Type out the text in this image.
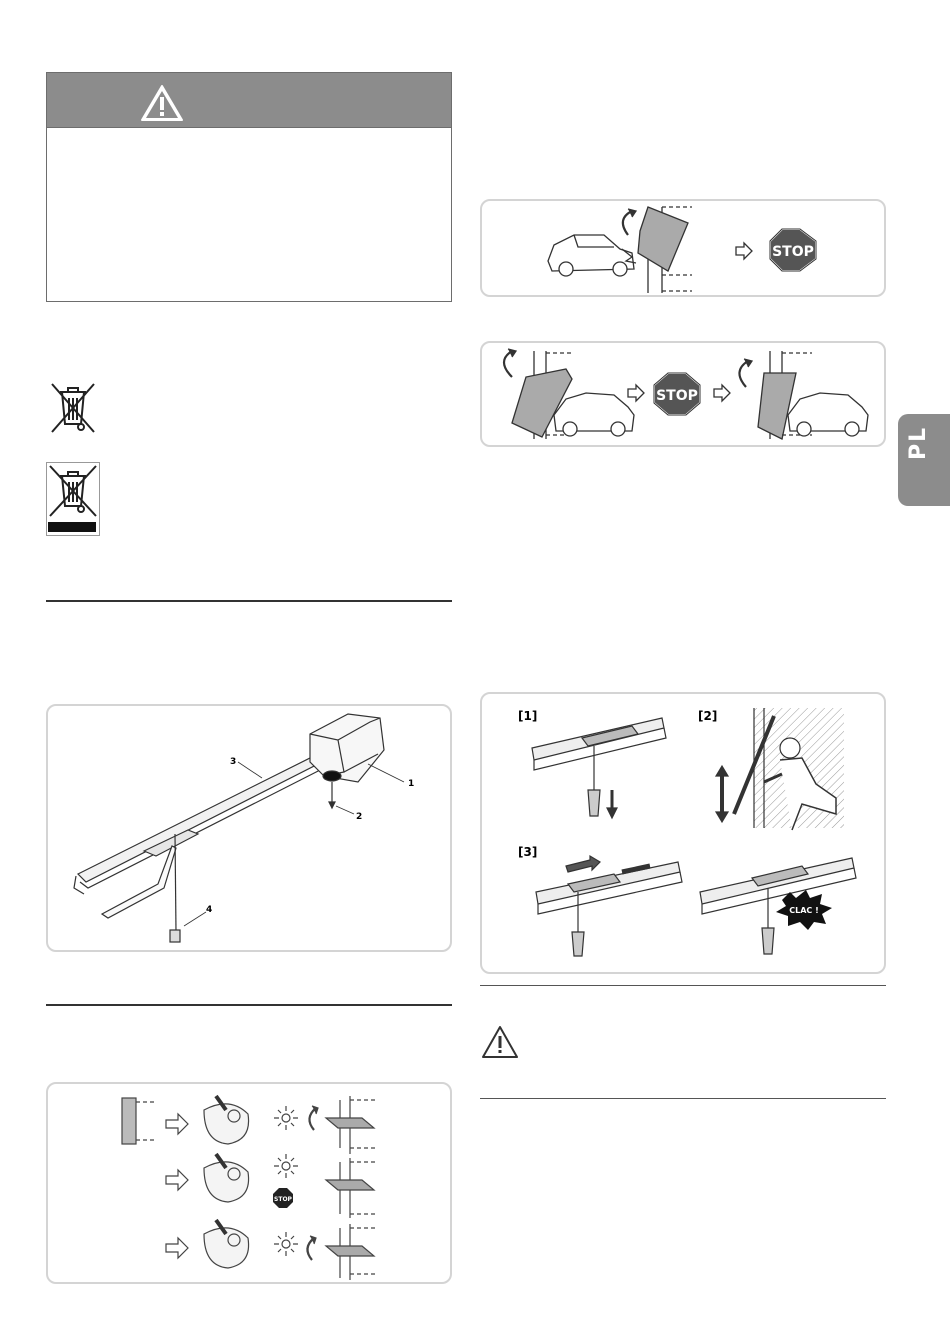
3
1
2
4
STOP
STOP
STOP
PL
[1]	[2]
[3]
CLAC !
